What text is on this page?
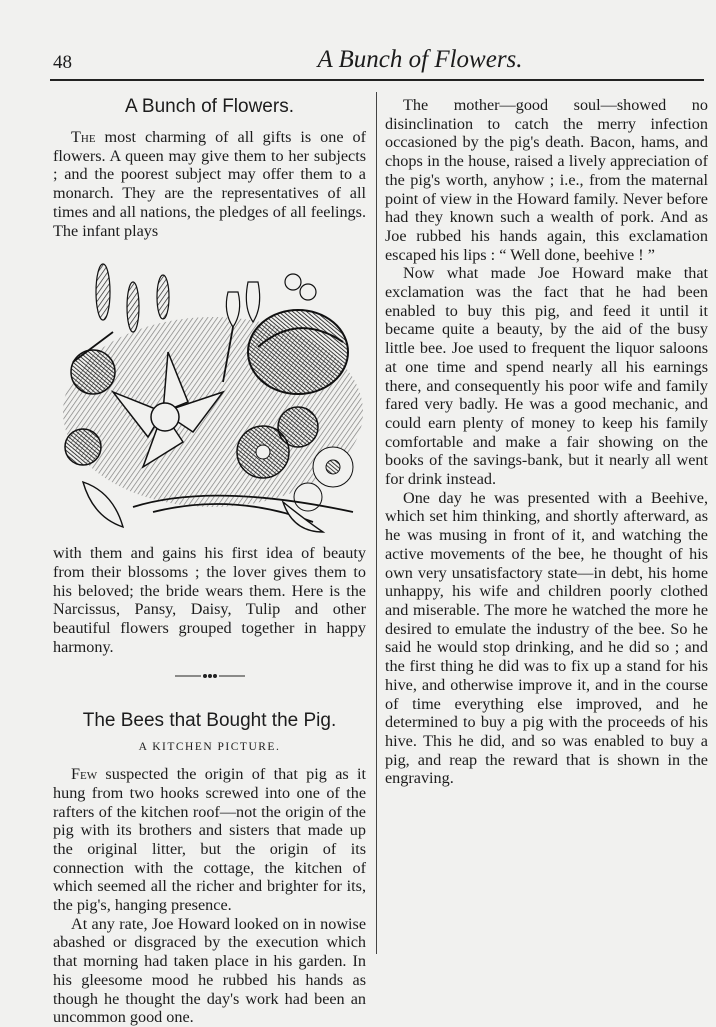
48	A Bunch of Flowers.
A Bunch of Flowers.

The most charming of all gifts is one of flowers. A queen may give them to her subjects ; and the poorest subject may offer them to a monarch. They are the representatives of all times and all nations, the pledges of all feelings. The infant plays

with them and gains his first idea of beauty from their blossoms ; the lover gives them to his beloved; the bride wears them. Here is the Narcissus, Pansy, Daisy, Tulip and other beautiful flowers grouped together in happy harmony.

The Bees that Bought the Pig.
A KITCHEN PICTURE.

Few suspected the origin of that pig as it hung from two hooks screwed into one of the rafters of the kitchen roof—not the origin of the pig with its brothers and sisters that made up the original litter, but the origin of its connection with the cottage, the kitchen of which seemed all the richer and brighter for its, the pig's, hanging presence.

At any rate, Joe Howard looked on in nowise abashed or disgraced by the execution which that morning had taken place in his garden. In his gleesome mood he rubbed his hands as though he thought the day's work had been an uncommon good one.

The mother—good soul—showed no disinclination to catch the merry infection occasioned by the pig's death. Bacon, hams, and chops in the house, raised a lively appreciation of the pig's worth, anyhow ; i.e., from the maternal point of view in the Howard family. Never before had they known such a wealth of pork. And as Joe rubbed his hands again, this exclamation escaped his lips : “ Well done, beehive ! ”

Now what made Joe Howard make that exclamation was the fact that he had been enabled to buy this pig, and feed it until it became quite a beauty, by the aid of the busy little bee. Joe used to frequent the liquor saloons at one time and spend nearly all his earnings there, and consequently his poor wife and family fared very badly. He was a good mechanic, and could earn plenty of money to keep his family comfortable and make a fair showing on the books of the savings-bank, but it nearly all went for drink instead.

One day he was presented with a Beehive, which set him thinking, and shortly afterward, as he was musing in front of it, and watching the active movements of the bee, he thought of his own very unsatisfactory state—in debt, his home unhappy, his wife and children poorly clothed and miserable. The more he watched the more he desired to emulate the industry of the bee. So he said he would stop drinking, and he did so ; and the first thing he did was to fix up a stand for his hive, and otherwise improve it, and in the course of time everything else improved, and he determined to buy a pig with the proceeds of his hive. This he did, and so was enabled to buy a pig, and reap the reward that is shown in the engraving.
